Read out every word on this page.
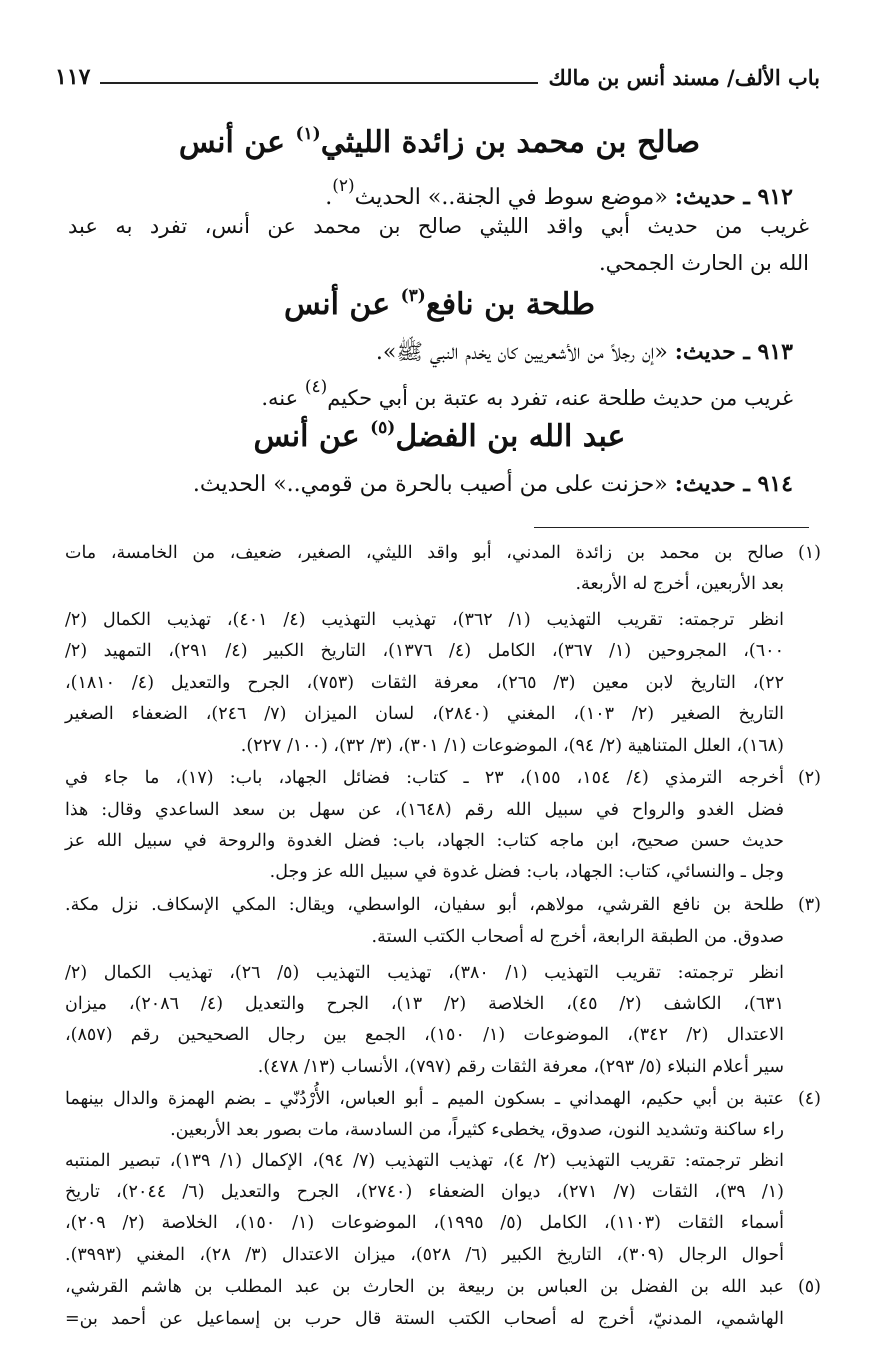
باب الألف/ مسند أنس بن مالك
١١٧
صالح بن محمد بن زائدة الليثي$^{(١)}$ عن أنس
٩١٢ ـ حديث: «موضع سوط في الجنة..» الحديث$^{(٢)}$.
غريب من حديث أبي واقد الليثي صالح بن محمد عن أنس، تفرد به عبد
الله بن الحارث الجمحي.
طلحة بن نافع$^{(٣)}$ عن أنس
٩١٣ ـ حديث: «إن رجلاً من الأشعريين كان يخدم النبي ﷺ».
غريب من حديث طلحة عنه، تفرد به عتبة بن أبي حكيم$^{(٤)}$ عنه.
عبد الله بن الفضل$^{(٥)}$ عن أنس
٩١٤ ـ حديث: «حزنت على من أصيب بالحرة من قومي..» الحديث.
(١)
صالح بن محمد بن زائدة المدني، أبو واقد الليثي، الصغير، ضعيف، من الخامسة، مات
بعد الأربعين، أخرج له الأربعة.
انظر ترجمته: تقريب التهذيب (١/ ٣٦٢)، تهذيب التهذيب (٤/ ٤٠١)، تهذيب الكمال (٢/
٦٠٠)، المجروحين (١/ ٣٦٧)، الكامل (٤/ ١٣٧٦)، التاريخ الكبير (٤/ ٢٩١)، التمهيد (٢/
٢٢)، التاريخ لابن معين (٣/ ٢٦٥)، معرفة الثقات (٧٥٣)، الجرح والتعديل (٤/ ١٨١٠)،
التاريخ الصغير (٢/ ١٠٣)، المغني (٢٨٤٠)، لسان الميزان (٧/ ٢٤٦)، الضعفاء الصغير
(١٦٨)، العلل المتناهية (٢/ ٩٤)، الموضوعات (١/ ٣٠١)، (٣/ ٣٢)، (١٠٠/ ٢٢٧).
(٢)
أخرجه الترمذي (٤/ ١٥٤، ١٥٥)، ٢٣ ـ كتاب: فضائل الجهاد، باب: (١٧)، ما جاء في
فضل الغدو والرواح في سبيل الله رقم (١٦٤٨)، عن سهل بن سعد الساعدي وقال: هذا
حديث حسن صحيح، ابن ماجه كتاب: الجهاد، باب: فضل الغدوة والروحة في سبيل الله عز
وجل ـ والنسائي، كتاب: الجهاد، باب: فضل غدوة في سبيل الله عز وجل.
(٣)
طلحة بن نافع القرشي، مولاهم، أبو سفيان، الواسطي، ويقال: المكي الإسكاف. نزل مكة.
صدوق. من الطبقة الرابعة، أخرج له أصحاب الكتب الستة.
انظر ترجمته: تقريب التهذيب (١/ ٣٨٠)، تهذيب التهذيب (٥/ ٢٦)، تهذيب الكمال (٢/
٦٣١)، الكاشف (٢/ ٤٥)، الخلاصة (٢/ ١٣)، الجرح والتعديل (٤/ ٢٠٨٦)، ميزان
الاعتدال (٢/ ٣٤٢)، الموضوعات (١/ ١٥٠)، الجمع بين رجال الصحيحين رقم (٨٥٧)،
سير أعلام النبلاء (٥/ ٢٩٣)، معرفة الثقات رقم (٧٩٧)، الأنساب (١٣/ ٤٧٨).
(٤)
عتبة بن أبي حكيم، الهمداني ـ بسكون الميم ـ أبو العباس، الأُرْدُنّي ـ بضم الهمزة والدال بينهما
راء ساكنة وتشديد النون، صدوق، يخطىء كثيراً، من السادسة، مات بصور بعد الأربعين.
انظر ترجمته: تقريب التهذيب (٢/ ٤)، تهذيب التهذيب (٧/ ٩٤)، الإكمال (١/ ١٣٩)، تبصير المنتبه
(١/ ٣٩)، الثقات (٧/ ٢٧١)، ديوان الضعفاء (٢٧٤٠)، الجرح والتعديل (٦/ ٢٠٤٤)، تاريخ
أسماء الثقات (١١٠٣)، الكامل (٥/ ١٩٩٥)، الموضوعات (١/ ١٥٠)، الخلاصة (٢/ ٢٠٩)،
أحوال الرجال (٣٠٩)، التاريخ الكبير (٦/ ٥٢٨)، ميزان الاعتدال (٣/ ٢٨)، المغني (٣٩٩٣).
(٥)
عبد الله بن الفضل بن العباس بن ربيعة بن الحارث بن عبد المطلب بن هاشم القرشي،
الهاشمي، المدنيّ، أخرج له أصحاب الكتب الستة قال حرب بن إسماعيل عن أحمد بن=
